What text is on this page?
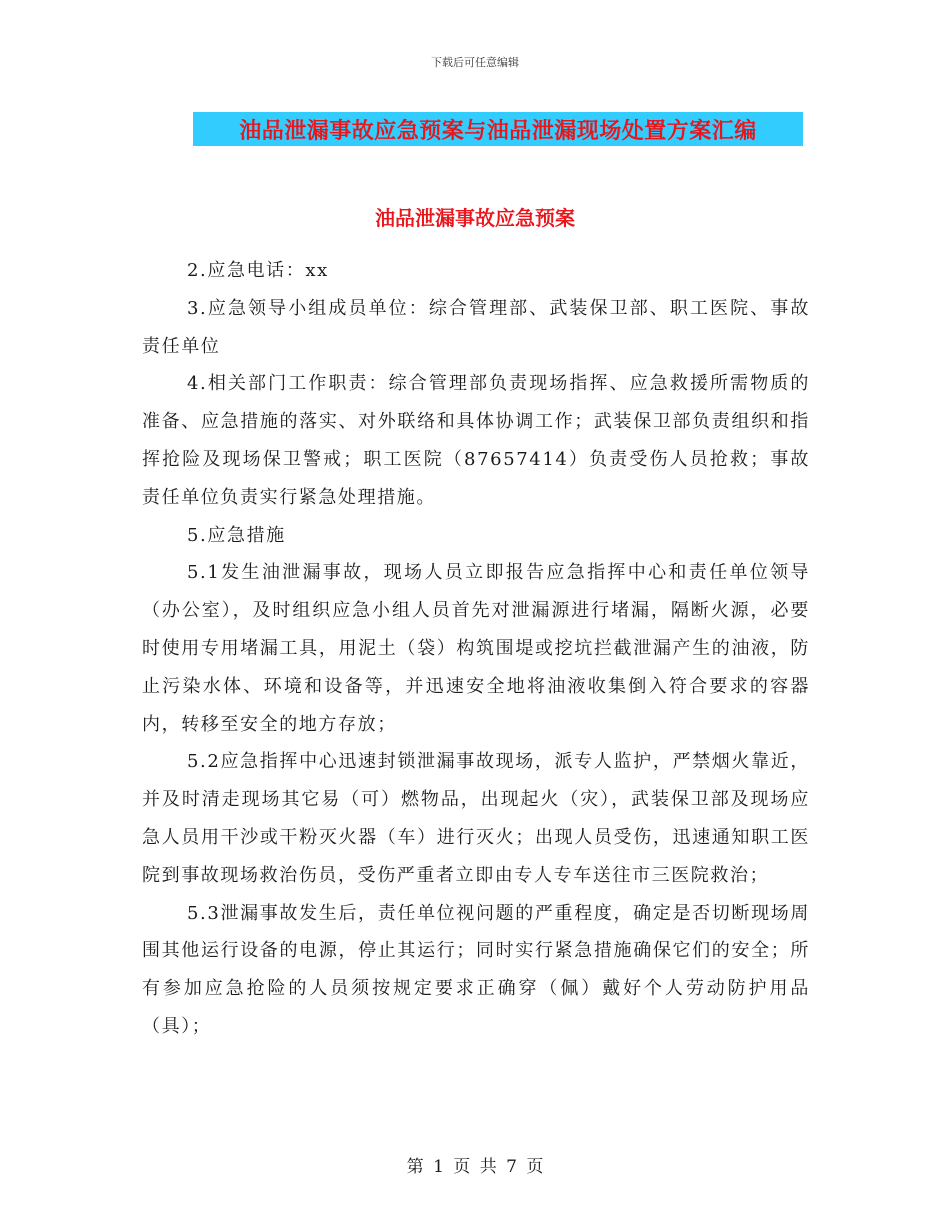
下载后可任意编辑
油品泄漏事故应急预案与油品泄漏现场处置方案汇编
油品泄漏事故应急预案

2.应急电话：xx

3.应急领导小组成员单位：综合管理部、武装保卫部、职工医院、事故责任单位

4.相关部门工作职责：综合管理部负责现场指挥、应急救援所需物质的准备、应急措施的落实、对外联络和具体协调工作；武装保卫部负责组织和指挥抢险及现场保卫警戒；职工医院（87657414）负责受伤人员抢救；事故责任单位负责实行紧急处理措施。

5.应急措施

5.1发生油泄漏事故，现场人员立即报告应急指挥中心和责任单位领导（办公室），及时组织应急小组人员首先对泄漏源进行堵漏，隔断火源，必要时使用专用堵漏工具，用泥土（袋）构筑围堤或挖坑拦截泄漏产生的油液，防止污染水体、环境和设备等，并迅速安全地将油液收集倒入符合要求的容器内，转移至安全的地方存放；

5.2应急指挥中心迅速封锁泄漏事故现场，派专人监护，严禁烟火靠近，并及时清走现场其它易（可）燃物品，出现起火（灾），武装保卫部及现场应急人员用干沙或干粉灭火器（车）进行灭火；出现人员受伤，迅速通知职工医院到事故现场救治伤员，受伤严重者立即由专人专车送往市三医院救治；

5.3泄漏事故发生后，责任单位视问题的严重程度，确定是否切断现场周围其他运行设备的电源，停止其运行；同时实行紧急措施确保它们的安全；所有参加应急抢险的人员须按规定要求正确穿（佩）戴好个人劳动防护用品（具）；

第 1 页 共 7 页
